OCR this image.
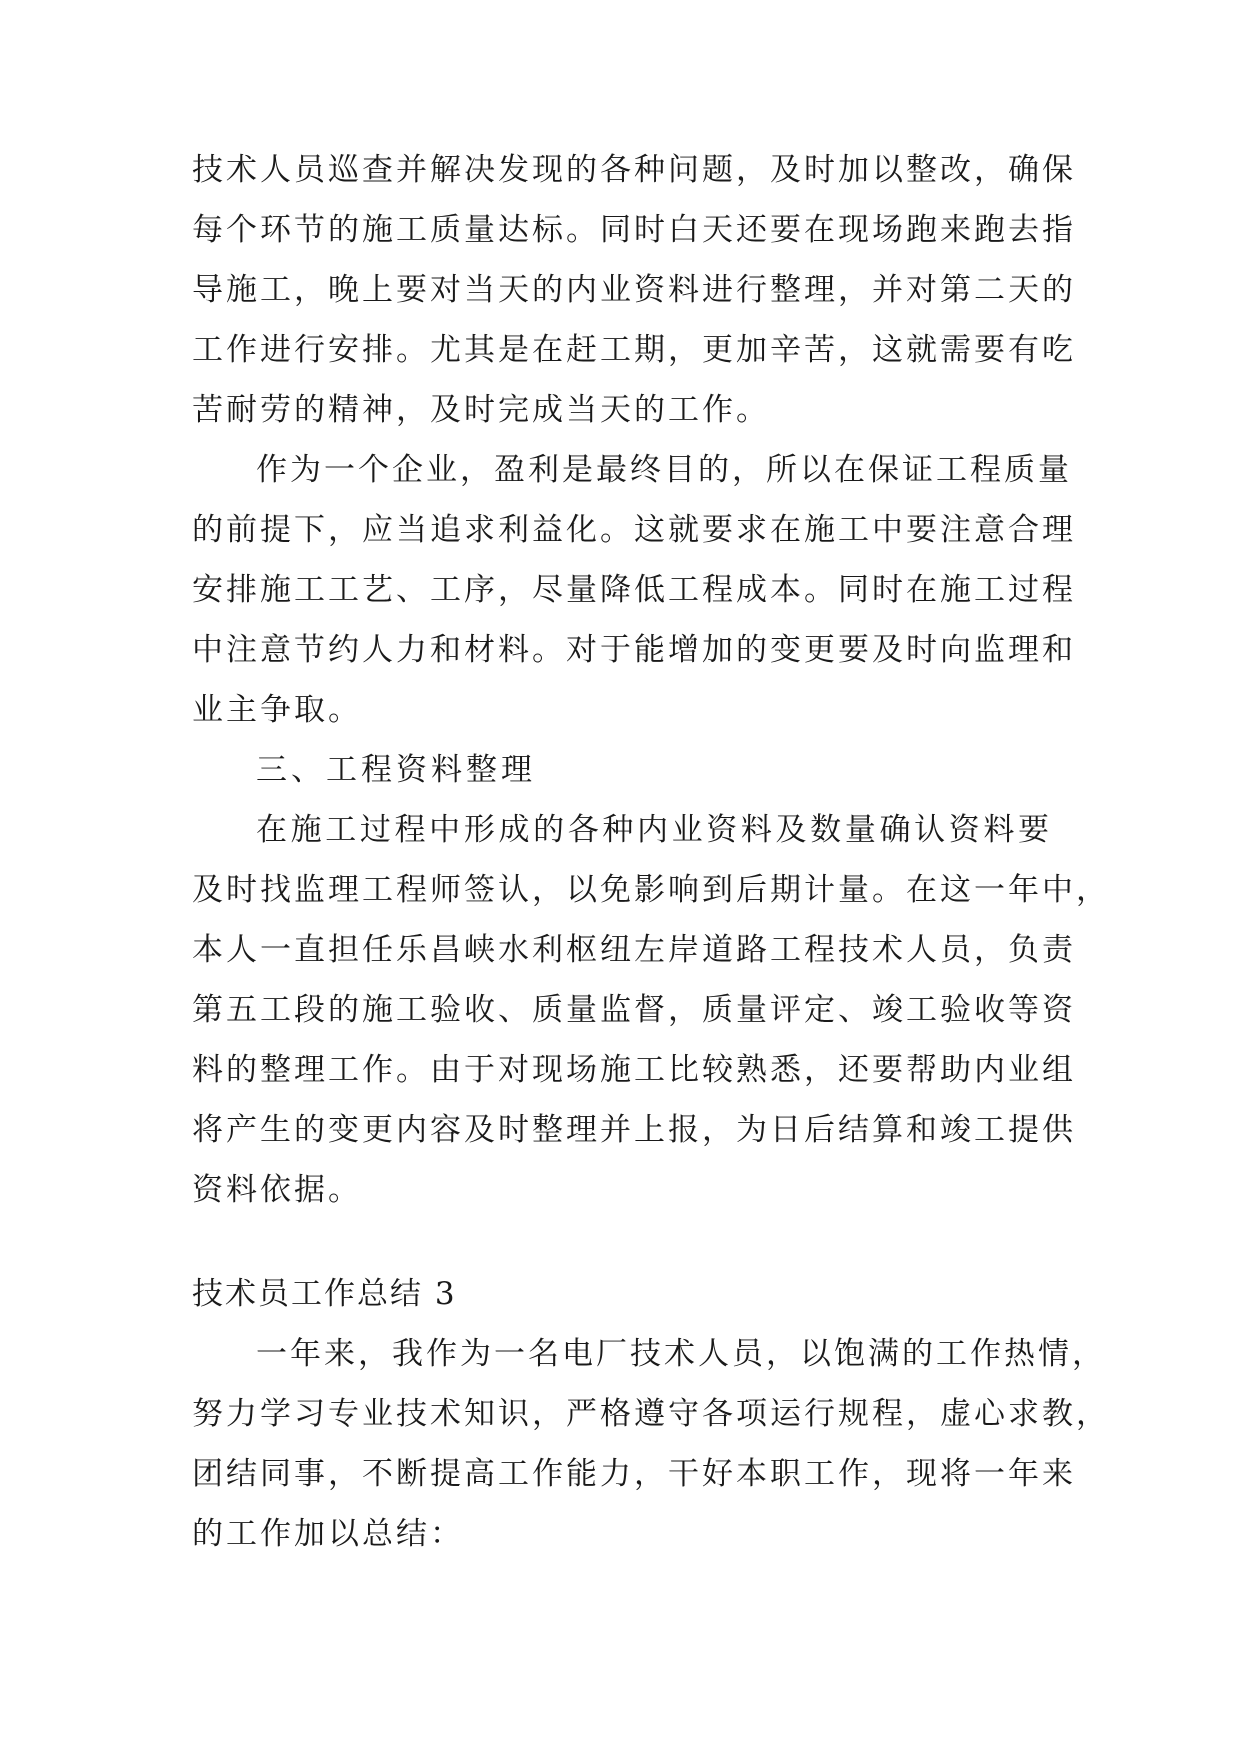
技术人员巡查并解决发现的各种问题，及时加以整改，确保
每个环节的施工质量达标。同时白天还要在现场跑来跑去指
导施工，晚上要对当天的内业资料进行整理，并对第二天的
工作进行安排。尤其是在赶工期，更加辛苦，这就需要有吃
苦耐劳的精神，及时完成当天的工作。
作为一个企业，盈利是最终目的，所以在保证工程质量
的前提下，应当追求利益化。这就要求在施工中要注意合理
安排施工工艺、工序，尽量降低工程成本。同时在施工过程
中注意节约人力和材料。对于能增加的变更要及时向监理和
业主争取。
三、工程资料整理
在施工过程中形成的各种内业资料及数量确认资料要
及时找监理工程师签认，以免影响到后期计量。在这一年中，
本人一直担任乐昌峡水利枢纽左岸道路工程技术人员，负责
第五工段的施工验收、质量监督，质量评定、竣工验收等资
料的整理工作。由于对现场施工比较熟悉，还要帮助内业组
将产生的变更内容及时整理并上报，为日后结算和竣工提供
资料依据。
技术员工作总结 3
一年来，我作为一名电厂技术人员，以饱满的工作热情，
努力学习专业技术知识，严格遵守各项运行规程，虚心求教，
团结同事，不断提高工作能力，干好本职工作，现将一年来
的工作加以总结：
